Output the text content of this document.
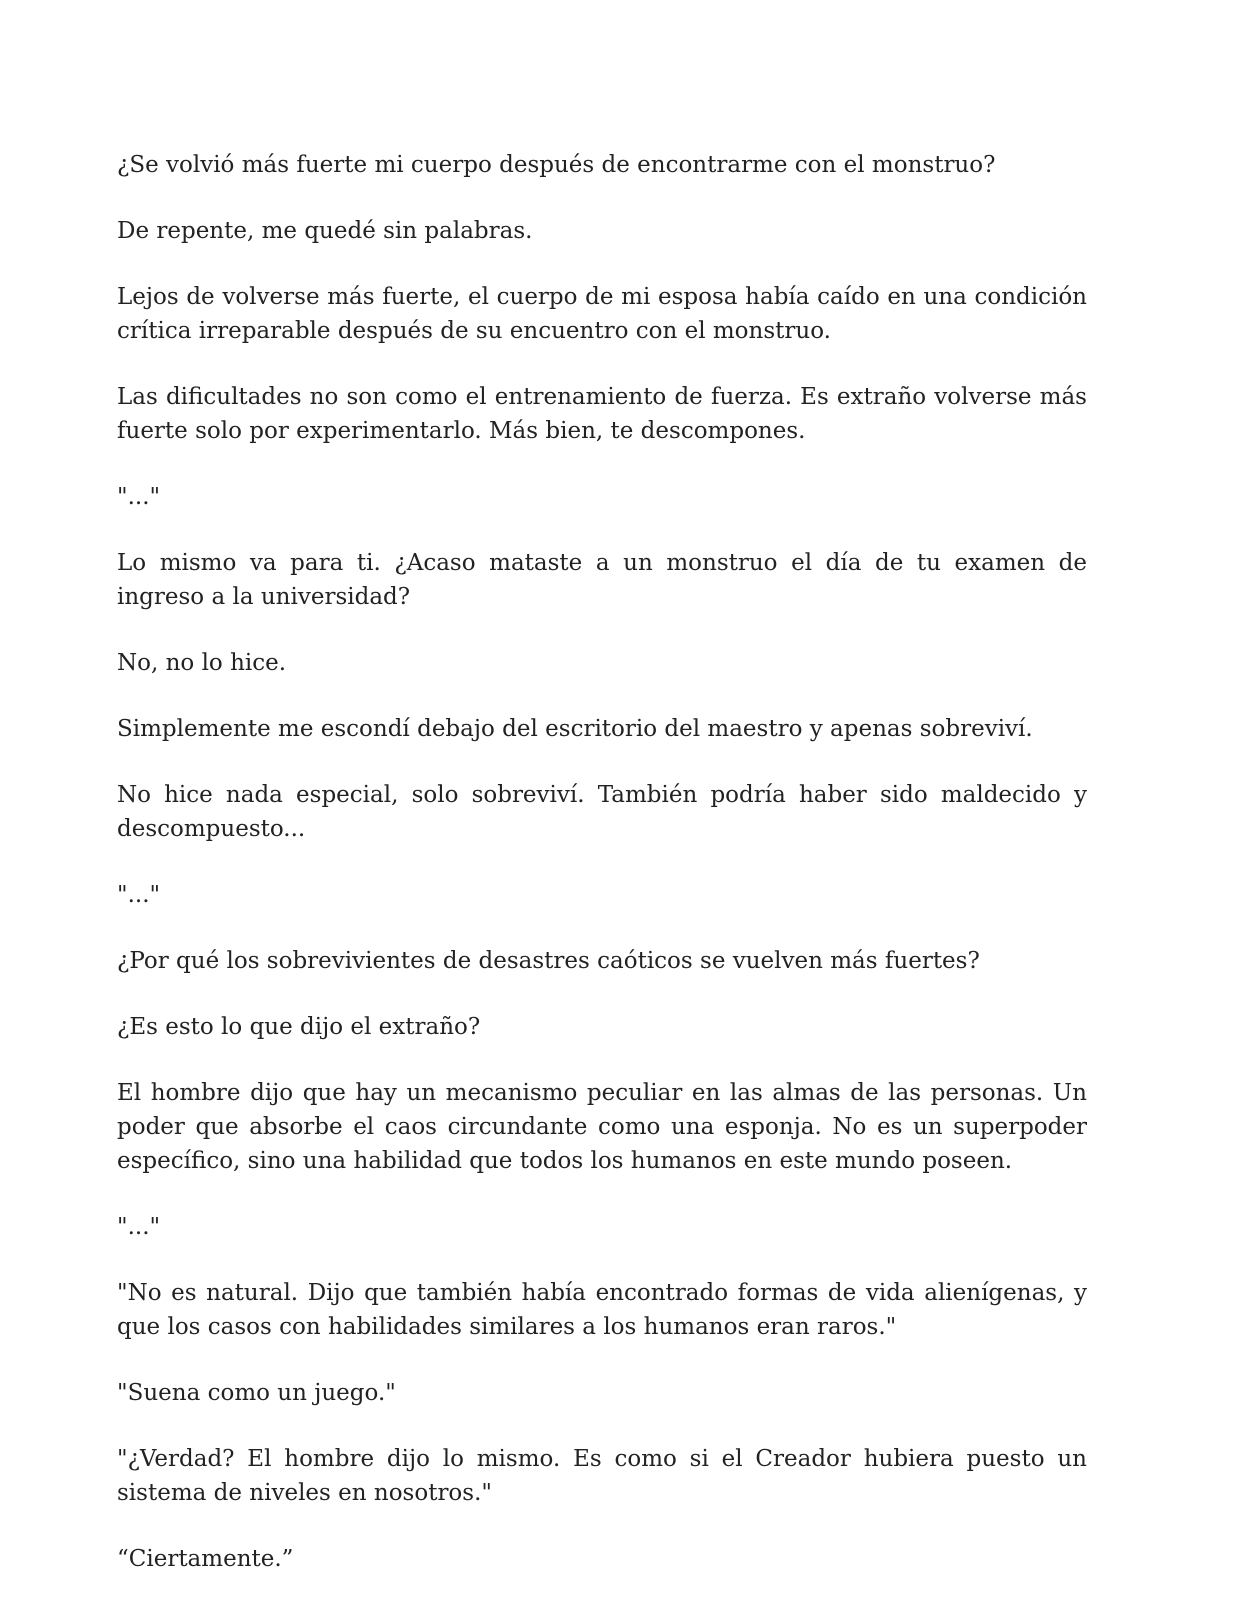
¿Se volvió más fuerte mi cuerpo después de encontrarme con el monstruo?

De repente, me quedé sin palabras.

Lejos de volverse más fuerte, el cuerpo de mi esposa había caído en una condición crítica irreparable después de su encuentro con el monstruo.

Las dificultades no son como el entrenamiento de fuerza. Es extraño volverse más fuerte solo por experimentarlo. Más bien, te descompones.

"..."

Lo mismo va para ti. ¿Acaso mataste a un monstruo el día de tu examen de ingreso a la universidad?

No, no lo hice.

Simplemente me escondí debajo del escritorio del maestro y apenas sobreviví.

No hice nada especial, solo sobreviví. También podría haber sido maldecido y descompuesto...

"..."

¿Por qué los sobrevivientes de desastres caóticos se vuelven más fuertes?

¿Es esto lo que dijo el extraño?

El hombre dijo que hay un mecanismo peculiar en las almas de las personas. Un poder que absorbe el caos circundante como una esponja. No es un superpoder específico, sino una habilidad que todos los humanos en este mundo poseen.

"..."

"No es natural. Dijo que también había encontrado formas de vida alienígenas, y que los casos con habilidades similares a los humanos eran raros."

"Suena como un juego."

"¿Verdad? El hombre dijo lo mismo. Es como si el Creador hubiera puesto un sistema de niveles en nosotros."

“Ciertamente.”
